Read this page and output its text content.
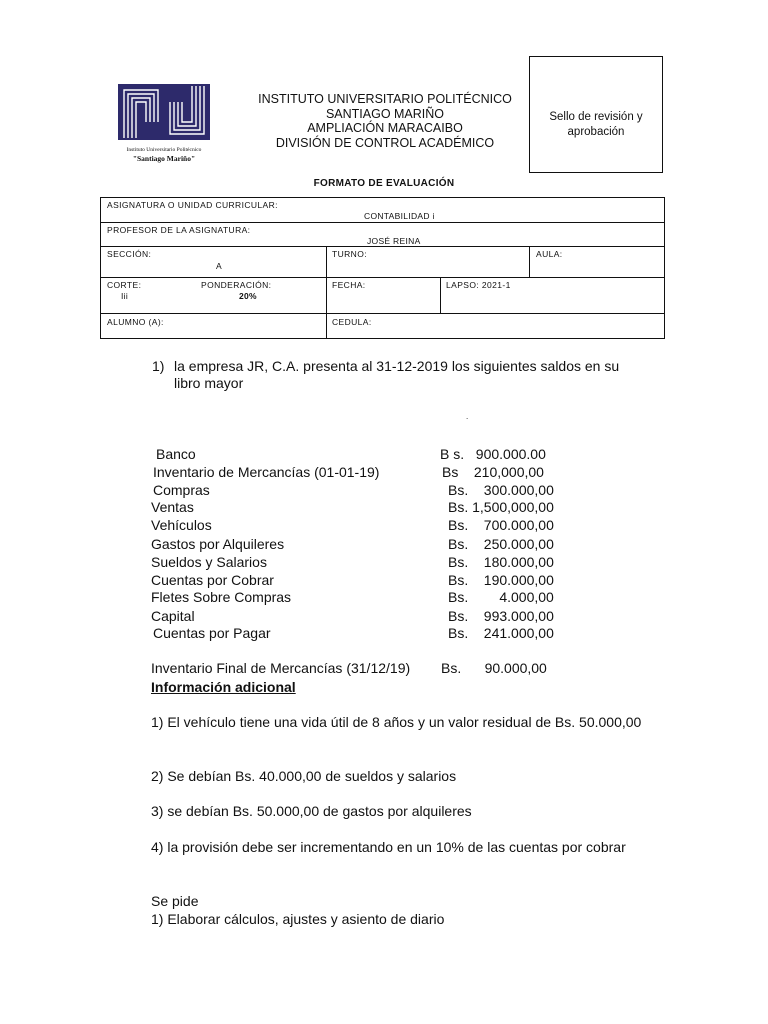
Instituto Universitario Politécnico
"Santiago Mariño"
INSTITUTO UNIVERSITARIO POLITÉCNICO
SANTIAGO MARIÑO
AMPLIACIÓN MARACAIBO
DIVISIÓN DE CONTROL ACADÉMICO
Sello de revisión y
aprobación
FORMATO DE EVALUACIÓN
ASIGNATURA O UNIDAD CURRICULAR:
CONTABILIDAD i
PROFESOR DE LA ASIGNATURA:
JOSÉ REINA
SECCIÓN:
A
TURNO:	AULA:
CORTE:
Iii
PONDERACIÓN:
20%
FECHA:	LAPSO: 2021-1
ALUMNO (A):	CEDULA:
1) la empresa JR, C.A. presenta al 31-12-2019 los siguientes saldos en su
libro mayor
.
Banco	B s.   900.000.00
Inventario de Mercancías (01-01-19)	Bs    210,000,00
Compras	Bs.    300.000,00
Ventas	Bs. 1,500,000,00
Vehículos	Bs.    700.000,00
Gastos por Alquileres	Bs.    250.000,00
Sueldos y Salarios	Bs.    180.000,00
Cuentas por Cobrar	Bs.    190.000,00
Fletes Sobre Compras	Bs.        4.000,00
Capital	Bs.    993.000,00
Cuentas por Pagar	Bs.    241.000,00
Inventario Final de Mercancías (31/12/19) Bs.      90.000,00
Información adicional
1) El vehículo tiene una vida útil de 8 años y un valor residual de Bs. 50.000,00
2) Se debían Bs. 40.000,00 de sueldos y salarios
3) se debían Bs. 50.000,00 de gastos por alquileres
4) la provisión debe ser incrementando en un 10% de las cuentas por cobrar
Se pide
1) Elaborar cálculos, ajustes y asiento de diario
